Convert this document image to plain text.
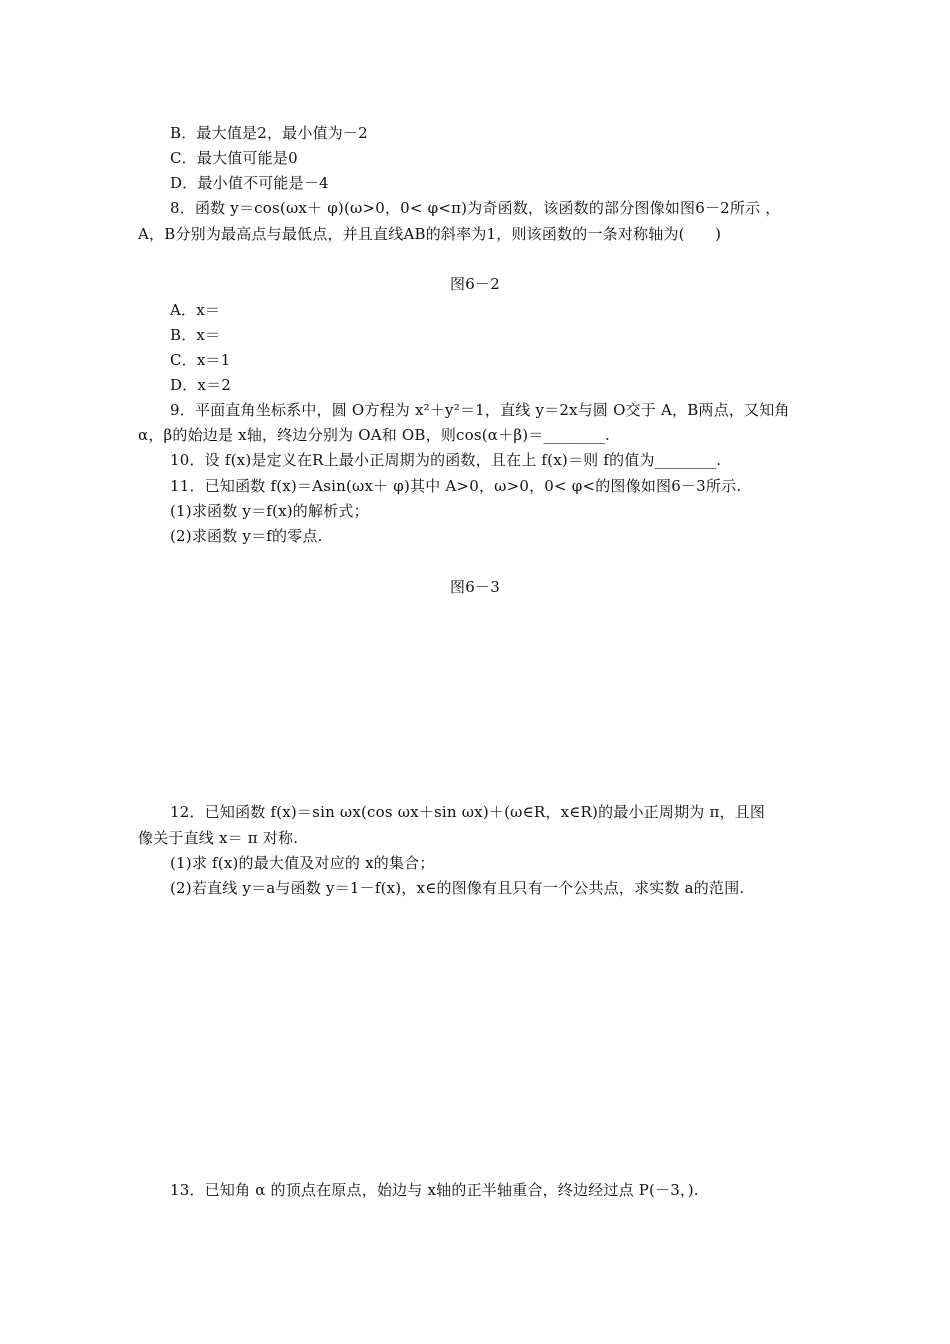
B．最大值是2，最小值为－2
C．最大值可能是0
D．最小值不可能是－4
8．函数 y＝cos(ωx＋ φ)(ω>0，0< φ<π)为奇函数，该函数的部分图像如图6－2所示 ，
A，B分别为最高点与最低点，并且直线AB的斜率为1，则该函数的一条对称轴为(　　)
图6－2
A．x＝
B．x＝
C．x＝1
D．x＝2
9．平面直角坐标系中，圆 O方程为 x²＋y²＝1，直线 y＝2x与圆 O交于 A，B两点，又知角
α，β的始边是 x轴，终边分别为 OA和 OB，则cos(α＋β)＝________.
10．设 f(x)是定义在R上最小正周期为的函数，且在上 f(x)＝则 f的值为________.
11．已知函数 f(x)＝Asin(ωx＋ φ)其中 A>0，ω>0，0< φ<的图像如图6－3所示.
(1)求函数 y＝f(x)的解析式；
(2)求函数 y＝f的零点.
图6－3
12．已知函数 f(x)＝sin ωx(cos ωx＋sin ωx)＋(ω∈R，x∈R)的最小正周期为 π，且图
像关于直线 x＝ π 对称.
(1)求 f(x)的最大值及对应的 x的集合；
(2)若直线 y＝a与函数 y＝1－f(x)，x∈的图像有且只有一个公共点，求实数 a的范围.
13．已知角 α 的顶点在原点，始边与 x轴的正半轴重合，终边经过点 P(－3，).
